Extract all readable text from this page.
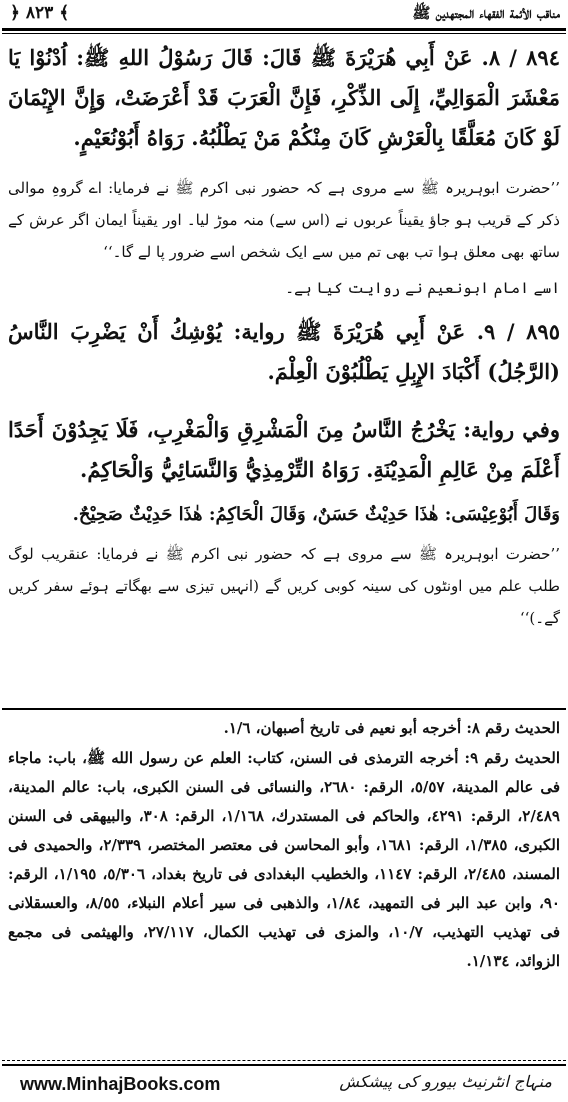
مناقب الأئمة الفقهاء المجتهدين ﷺ
﴿ ٨٢٣ ﴾
٨٩٤ / ٨. عَنْ أَبِي هُرَيْرَةَ ﷺ قَالَ: قَالَ رَسُوْلُ اللهِ ﷺ: اُدْنُوْا يَا مَعْشَرَ الْمَوَالِيِّ، إِلَى الذِّكْرِ، فَإِنَّ الْعَرَبَ قَدْ أَعْرَضَتْ، وَإِنَّ الإِيْمَانَ لَوْ كَانَ مُعَلَّقًا بِالْعَرْشِ كَانَ مِنْكُمْ مَنْ يَطْلُبُهُ. رَوَاهُ أَبُوْنُعَيْمٍ.
’’حضرت ابوہریرہ ﷺ سے مروی ہے کہ حضور نبی اکرم ﷺ نے فرمایا: اے گروہِ موالی ذکر کے قریب ہو جاؤ یقیناً عربوں نے (اس سے) منہ موڑ لیا۔ اور یقیناً ایمان اگر عرش کے ساتھ بھی معلق ہوا تب بھی تم میں سے ایک شخص اسے ضرور پا لے گا۔‘‘
اسے امام ابونعیم نے روایت کیا ہے۔
٨٩٥ / ٩. عَنْ أَبِي هُرَيْرَةَ ﷺ رواية: يُوْشِكُ أَنْ يَضْرِبَ النَّاسُ (الرَّجُلُ) أَكْبَادَ الإِبِلِ يَطْلُبُوْنَ الْعِلْمَ.
وفي رواية: يَخْرُجُ النَّاسُ مِنَ الْمَشْرِقِ وَالْمَغْرِبِ، فَلَا يَجِدُوْنَ أَحَدًا أَعْلَمَ مِنْ عَالِمِ الْمَدِيْنَةِ. رَوَاهُ التِّرْمِذِيُّ وَالنَّسَائِيُّ وَالْحَاكِمُ.
وَقَالَ أَبُوْعِيْسَى: هٰذَا حَدِيْثٌ حَسَنٌ، وَقَالَ الْحَاكِمُ: هٰذَا حَدِيْثٌ صَحِيْحٌ.
’’حضرت ابوہریرہ ﷺ سے مروی ہے کہ حضور نبی اکرم ﷺ نے فرمایا: عنقریب لوگ طلب علم میں اونٹوں کی سینہ کوبی کریں گے (انہیں تیزی سے بھگاتے ہوئے سفر کریں گے۔)‘‘
الحديث رقم ٨: أخرجه أبو نعيم فى تاريخ أصبهان، ١/٦.
الحديث رقم ٩: أخرجه الترمذى فى السنن، كتاب: العلم عن رسول الله ﷺ، باب: ماجاء فى عالم المدينة، ٥/٥٧، الرقم: ٢٦٨٠، والنسائى فى السنن الكبرى، باب: عالم المدينة، ٢/٤٨٩، الرقم: ٤٢٩١، والحاكم فى المستدرك، ١/١٦٨، الرقم: ٣٠٨، والبيهقى فى السنن الكبرى، ١/٣٨٥، الرقم: ١٦٨١، وأبو المحاسن فى معتصر المختصر، ٢/٣٣٩، والحميدى فى المسند، ٢/٤٨٥، الرقم: ١١٤٧، والخطيب البغدادى فى تاريخ بغداد، ٥/٣٠٦، ١/١٩٥، الرقم: ٩٠، وابن عبد البر فى التمهيد، ١/٨٤، والذهبى فى سير أعلام النبلاء، ٨/٥٥، والعسقلانى فى تهذيب التهذيب، ١٠/٧، والمزى فى تهذيب الكمال، ٢٧/١١٧، والهيثمى فى مجمع الزوائد، ١/١٣٤.
www.MinhajBooks.com	منہاج انٹرنیٹ بیورو کی پیشکش
